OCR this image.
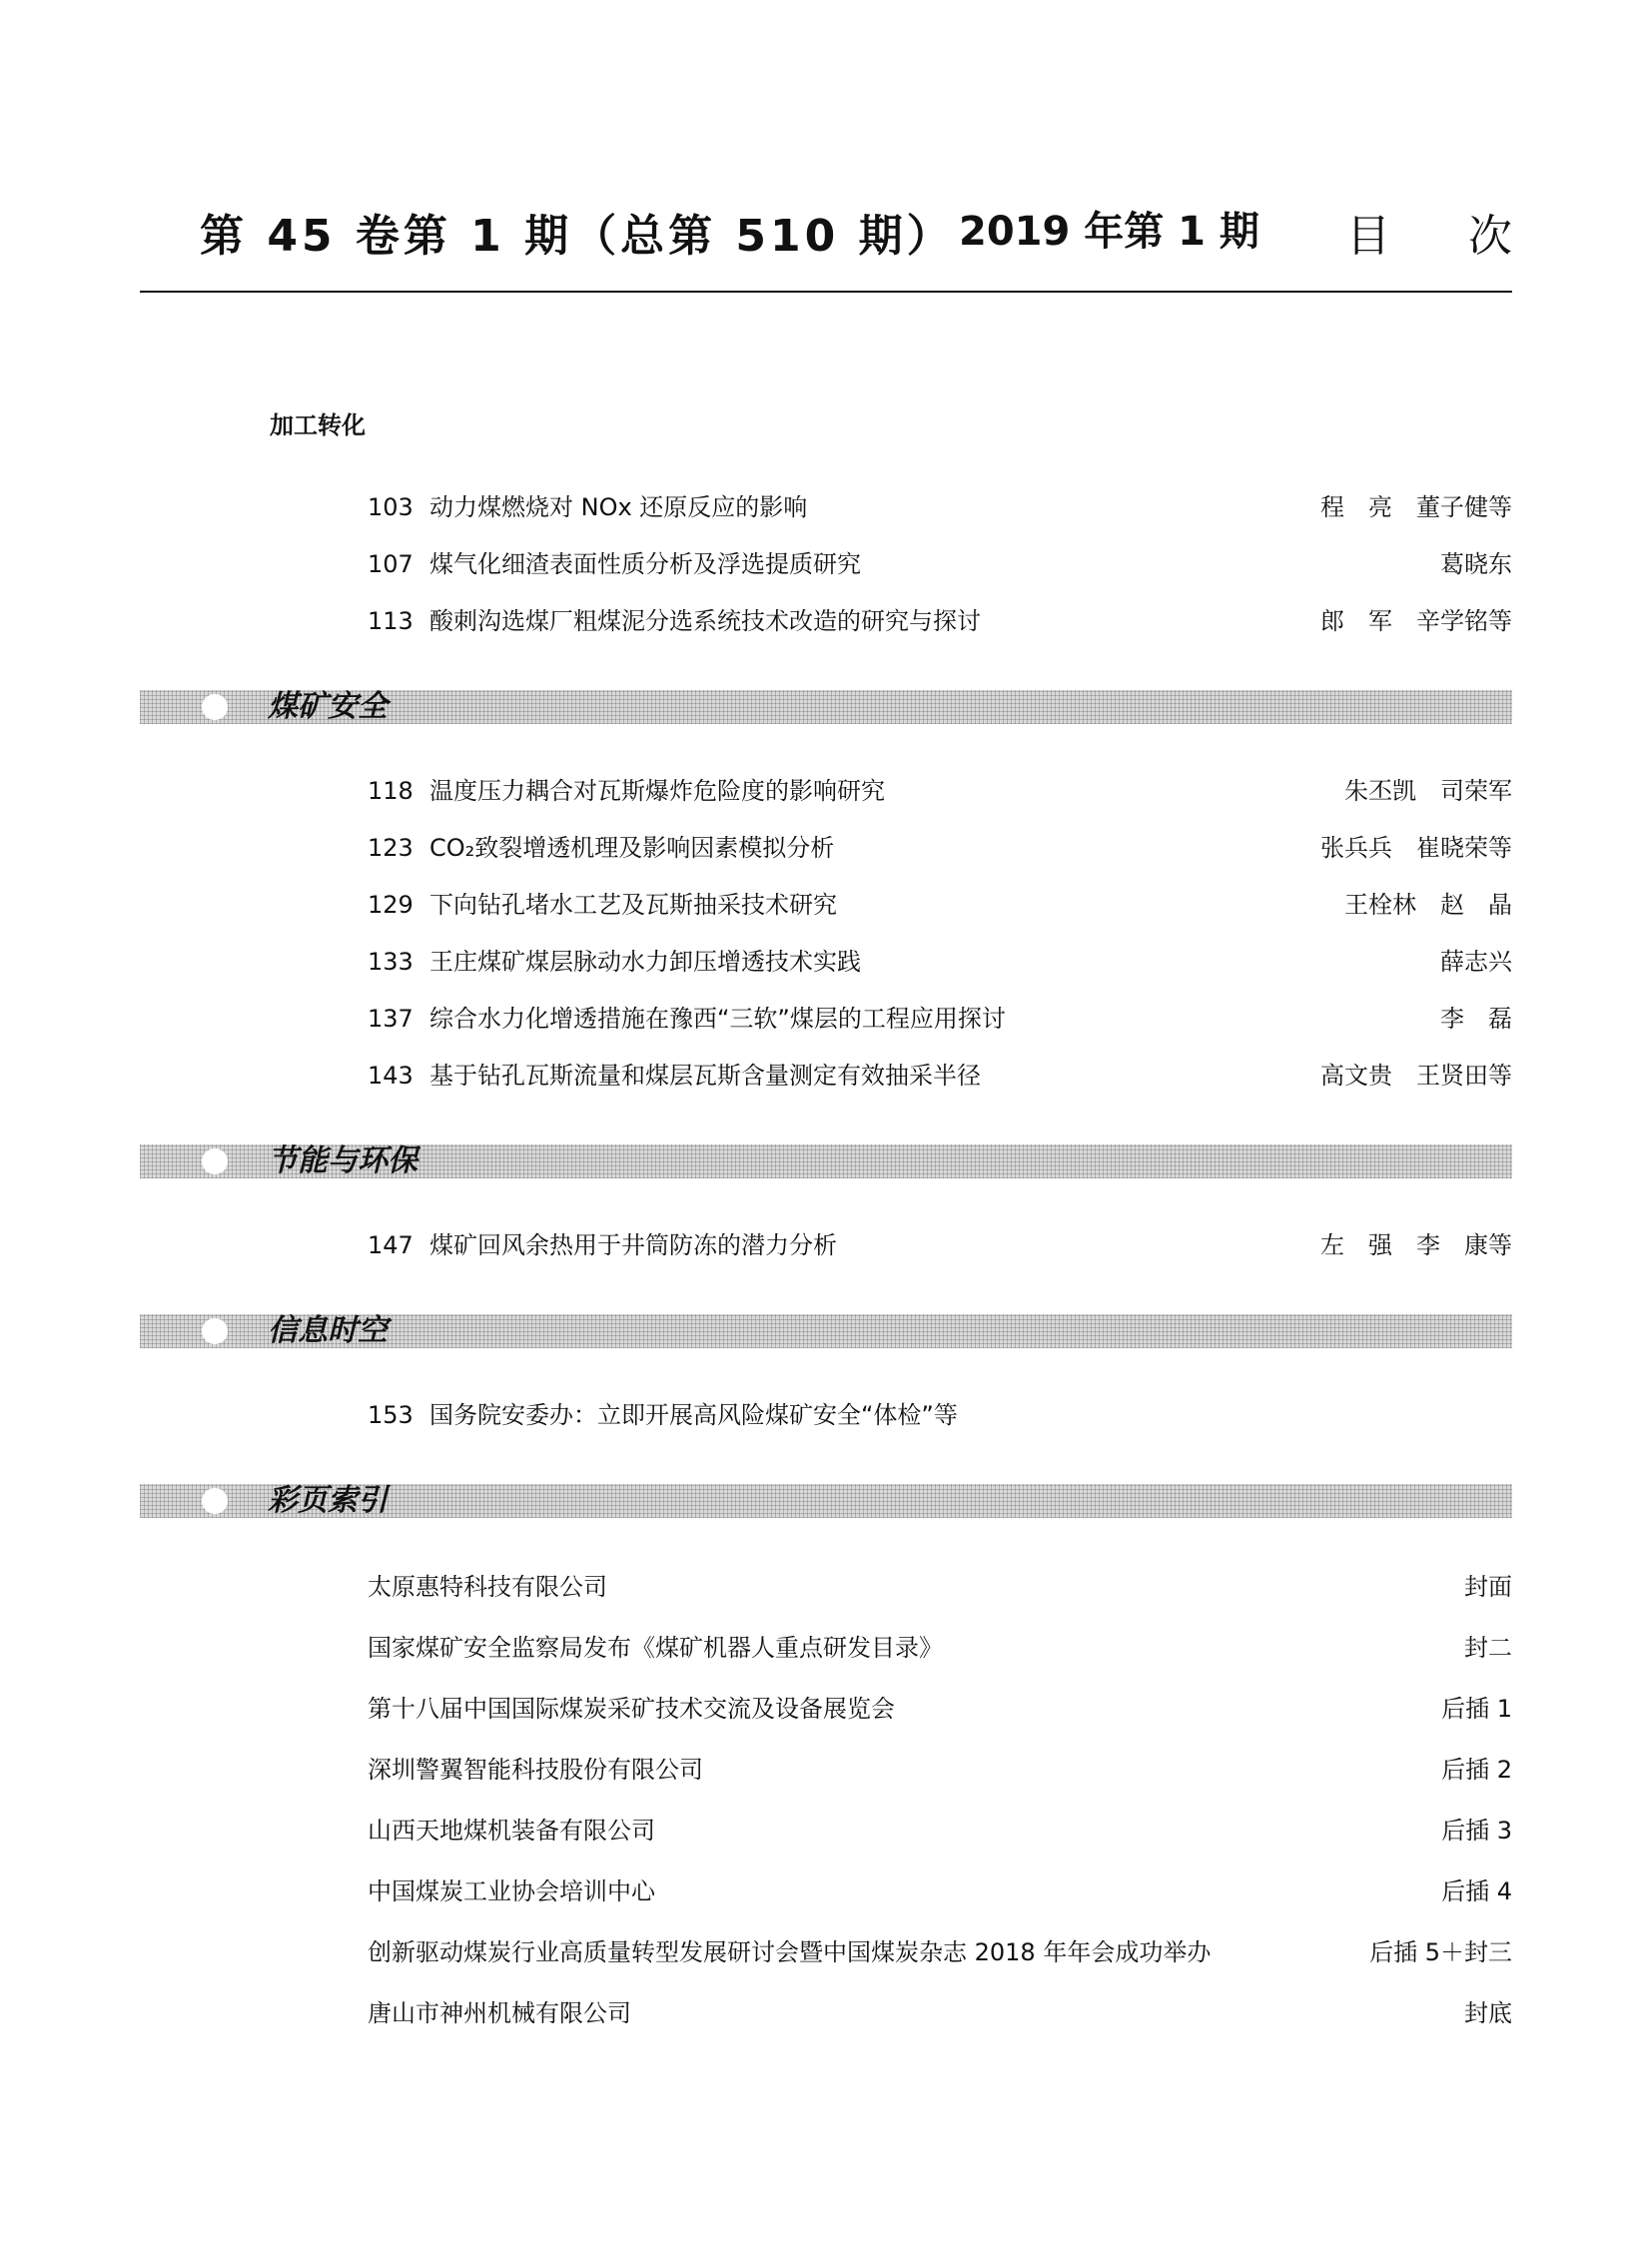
第 45 卷第 1 期（总第 510 期） 2019 年第 1 期 目次
加工转化
103 动力煤燃烧对 NOx 还原反应的影响	程　亮　董子健等
107 煤气化细渣表面性质分析及浮选提质研究	葛晓东
113 酸刺沟选煤厂粗煤泥分选系统技术改造的研究与探讨	郎　军　辛学铭等
煤矿安全
118 温度压力耦合对瓦斯爆炸危险度的影响研究	朱丕凯　司荣军
123 CO₂致裂增透机理及影响因素模拟分析	张兵兵　崔晓荣等
129 下向钻孔堵水工艺及瓦斯抽采技术研究	王栓林　赵　晶
133 王庄煤矿煤层脉动水力卸压增透技术实践	薛志兴
137 综合水力化增透措施在豫西“三软”煤层的工程应用探讨	李　磊
143 基于钻孔瓦斯流量和煤层瓦斯含量测定有效抽采半径	高文贵　王贤田等
节能与环保
147 煤矿回风余热用于井筒防冻的潜力分析	左　强　李　康等
信息时空
153 国务院安委办：立即开展高风险煤矿安全“体检”等
彩页索引
太原惠特科技有限公司	封面
国家煤矿安全监察局发布《煤矿机器人重点研发目录》	封二
第十八届中国国际煤炭采矿技术交流及设备展览会	后插 1
深圳警翼智能科技股份有限公司	后插 2
山西天地煤机装备有限公司	后插 3
中国煤炭工业协会培训中心	后插 4
创新驱动煤炭行业高质量转型发展研讨会暨中国煤炭杂志 2018 年年会成功举办	后插 5＋封三
唐山市神州机械有限公司	封底
